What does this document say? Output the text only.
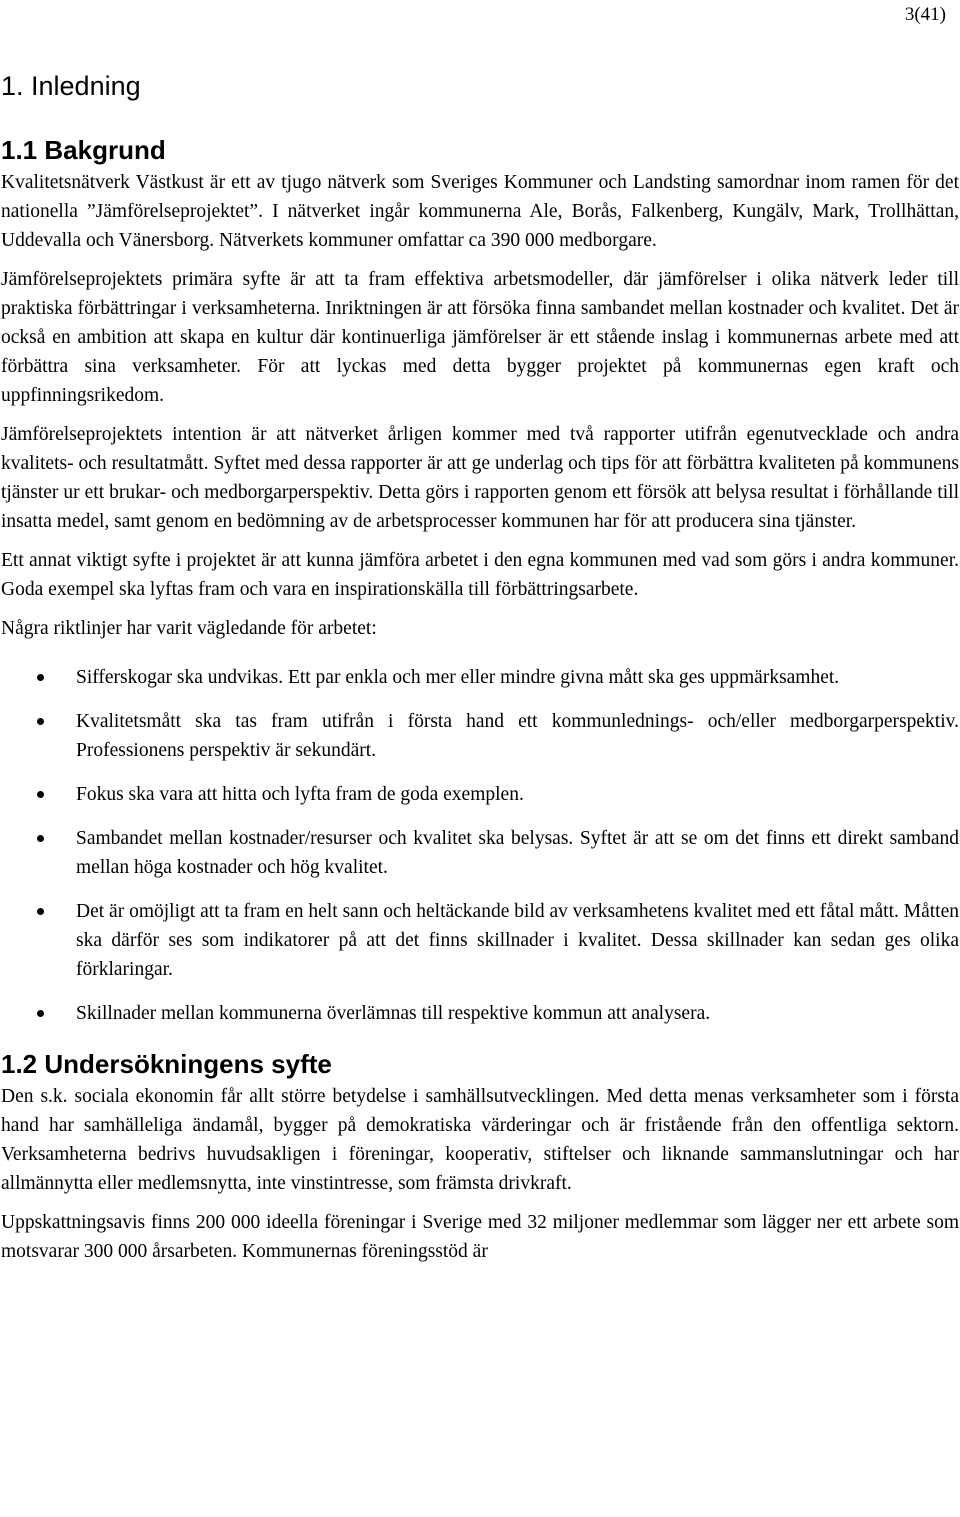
3(41)
1. Inledning
1.1 Bakgrund

Kvalitetsnätverk Västkust är ett av tjugo nätverk som Sveriges Kommuner och Landsting samordnar inom ramen för det nationella ”Jämförelseprojektet”. I nätverket ingår kommunerna Ale, Borås, Falkenberg, Kungälv, Mark, Trollhättan, Uddevalla och Vänersborg. Nätverkets kommuner omfattar ca 390 000 medborgare.

Jämförelseprojektets primära syfte är att ta fram effektiva arbetsmodeller, där jämförelser i olika nätverk leder till praktiska förbättringar i verksamheterna. Inriktningen är att försöka finna sambandet mellan kostnader och kvalitet. Det är också en ambition att skapa en kultur där kontinuerliga jämförelser är ett stående inslag i kommunernas arbete med att förbättra sina verksamheter. För att lyckas med detta bygger projektet på kommunernas egen kraft och uppfinningsrikedom.

Jämförelseprojektets intention är att nätverket årligen kommer med två rapporter utifrån egenutvecklade och andra kvalitets- och resultatmått. Syftet med dessa rapporter är att ge underlag och tips för att förbättra kvaliteten på kommunens tjänster ur ett brukar- och medborgarperspektiv. Detta görs i rapporten genom ett försök att belysa resultat i förhållande till insatta medel, samt genom en bedömning av de arbetsprocesser kommunen har för att producera sina tjänster.

Ett annat viktigt syfte i projektet är att kunna jämföra arbetet i den egna kommunen med vad som görs i andra kommuner. Goda exempel ska lyftas fram och vara en inspirationskälla till förbättringsarbete.

Några riktlinjer har varit vägledande för arbetet:

Sifferskogar ska undvikas. Ett par enkla och mer eller mindre givna mått ska ges uppmärksamhet.
Kvalitetsmått ska tas fram utifrån i första hand ett kommunlednings- och/eller medborgarperspektiv. Professionens perspektiv är sekundärt.
Fokus ska vara att hitta och lyfta fram de goda exemplen.
Sambandet mellan kostnader/resurser och kvalitet ska belysas. Syftet är att se om det finns ett direkt samband mellan höga kostnader och hög kvalitet.
Det är omöjligt att ta fram en helt sann och heltäckande bild av verksamhetens kvalitet med ett fåtal mått. Måtten ska därför ses som indikatorer på att det finns skillnader i kvalitet. Dessa skillnader kan sedan ges olika förklaringar.
Skillnader mellan kommunerna överlämnas till respektive kommun att analysera.
1.2 Undersökningens syfte

Den s.k. sociala ekonomin får allt större betydelse i samhällsutvecklingen. Med detta menas verksamheter som i första hand har samhälleliga ändamål, bygger på demokratiska värderingar och är fristående från den offentliga sektorn. Verksamheterna bedrivs huvudsakligen i föreningar, kooperativ, stiftelser och liknande sammanslutningar och har allmännytta eller medlemsnytta, inte vinstintresse, som främsta drivkraft.

Uppskattningsavis finns 200 000 ideella föreningar i Sverige med 32 miljoner medlemmar som lägger ner ett arbete som motsvarar 300 000 årsarbeten. Kommunernas föreningsstöd är
